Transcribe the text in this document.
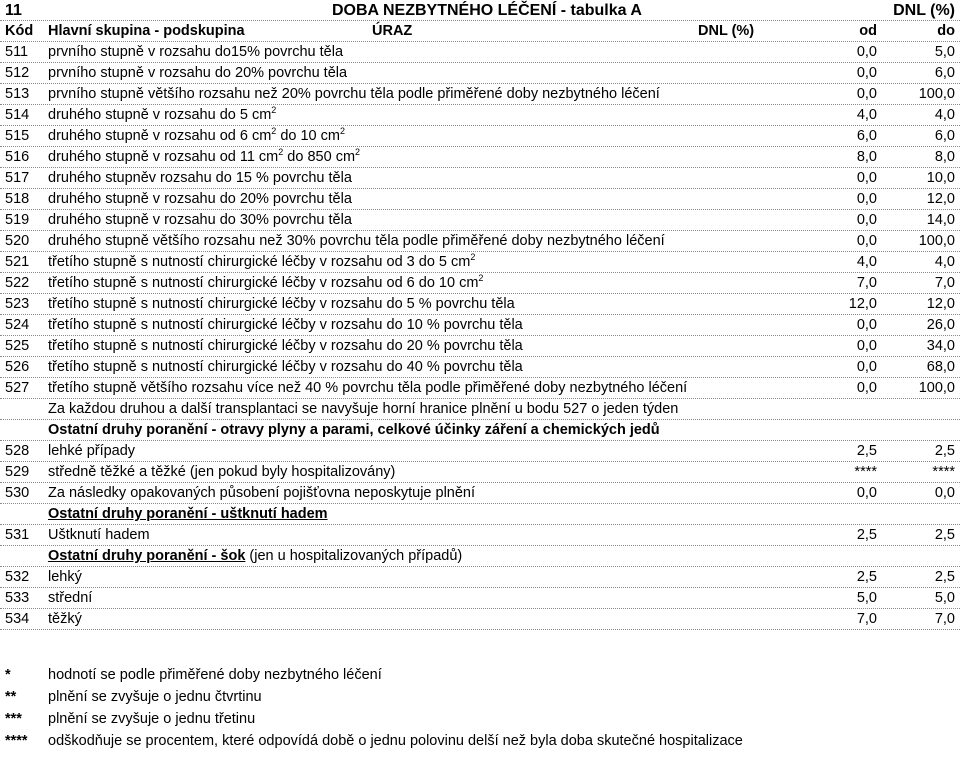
11	DOBA NEZBYTNÉHO LÉČENÍ - tabulka A	DNL (%)
Kód	Hlavní skupina - podskupina	ÚRAZ	DNL (%)	od	do
511	prvního stupně v rozsahu do15% povrchu těla	0,0	5,0
512	prvního stupně v rozsahu do 20% povrchu těla	0,0	6,0
513	prvního stupně většího rozsahu než 20% povrchu těla podle přiměřené doby nezbytného léčení	0,0	100,0
514	druhého stupně v rozsahu do 5 $cm^2$	4,0	4,0
515	druhého stupně v rozsahu od 6 $cm^2$ do 10 $cm^2$	6,0	6,0
516	druhého stupně v rozsahu od 11 $cm^2$ do 850 $cm^2$	8,0	8,0
517	druhého stupněv rozsahu do 15 % povrchu těla	0,0	10,0
518	druhého stupně v rozsahu do 20% povrchu těla	0,0	12,0
519	druhého stupně v rozsahu do 30% povrchu těla	0,0	14,0
520	druhého stupně většího rozsahu než 30% povrchu těla podle přiměřené doby nezbytného léčení	0,0	100,0
521	třetího stupně s nutností chirurgické léčby v rozsahu od 3 do 5 $cm^2$	4,0	4,0
522	třetího stupně s nutností chirurgické léčby v rozsahu od 6 do 10 $cm^2$	7,0	7,0
523	třetího stupně s nutností chirurgické léčby v rozsahu do 5 % povrchu těla	12,0	12,0
524	třetího stupně s nutností chirurgické léčby v rozsahu do 10 % povrchu těla	0,0	26,0
525	třetího stupně s nutností chirurgické léčby v rozsahu do 20 % povrchu těla	0,0	34,0
526	třetího stupně s nutností chirurgické léčby v rozsahu do 40 % povrchu těla	0,0	68,0
527	třetího stupně většího rozsahu více než 40 % povrchu těla podle přiměřené doby nezbytného léčení	0,0	100,0
Za každou druhou a další transplantaci se navyšuje horní hranice plnění u bodu 527 o jeden týden
Ostatní druhy poranění - otravy plyny a parami, celkové účinky záření a chemických jedů
528	lehké případy	2,5	2,5
529	středně těžké a těžké (jen pokud byly hospitalizovány)	****	****
530	Za následky opakovaných působení pojišťovna neposkytuje plnění	0,0	0,0
Ostatní druhy poranění - uštknutí hadem
531	Uštknutí hadem	2,5	2,5
Ostatní druhy poranění - šok (jen u hospitalizovaných případů)
532	lehký	2,5	2,5
533	střední	5,0	5,0
534	těžký	7,0	7,0
*	hodnotí se podle přiměřené doby nezbytného léčení
** plnění se zvyšuje o jednu čtvrtinu
*** plnění se zvyšuje o jednu třetinu
**** odškodňuje se procentem, které odpovídá době o jednu polovinu delší než byla doba skutečné hospitalizace
